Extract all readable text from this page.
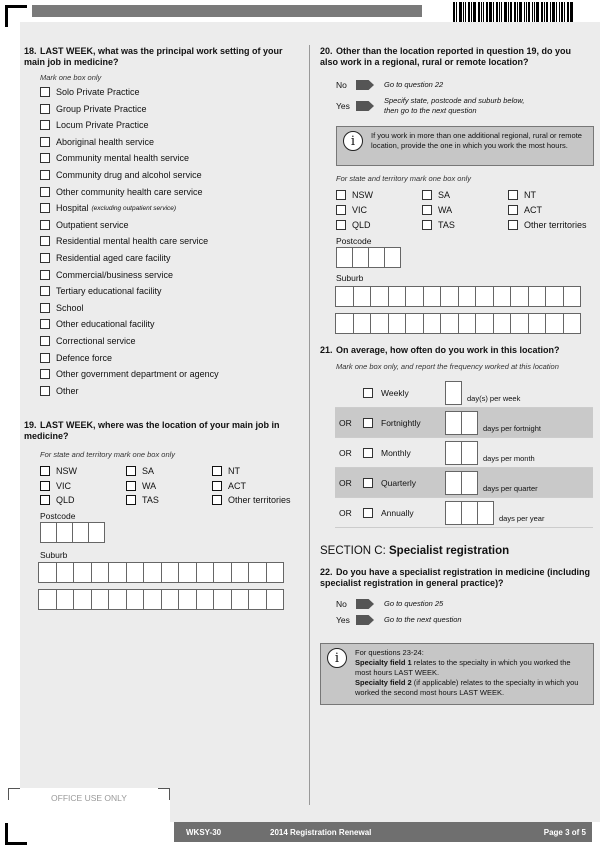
18. LAST WEEK, what was the principal work setting of your main job in medicine?
Mark one box only
Solo Private Practice
Group Private Practice
Locum Private Practice
Aboriginal health service
Community mental health service
Community drug and alcohol service
Other community health care service
Hospital (excluding outpatient service)
Outpatient service
Residential mental health care service
Residential aged care facility
Commercial/business service
Tertiary educational facility
School
Other educational facility
Correctional service
Defence force
Other government department or agency
Other
19. LAST WEEK, where was the location of your main job in medicine?
For state and territory mark one box only
NSW	SA	NT
VIC	WA	ACT
QLD	TAS	Other territories
Postcode
Suburb
20. Other than the location reported in question 19, do you also work in a regional, rural or remote location?
No	Go to question 22
Yes
Specify state, postcode and suburb below,
then go to the next question
i	If you work in more than one additional regional, rural or remote location, provide the one in which you work the most hours.
For state and territory mark one box only
NSW	SA	NT
VIC	WA	ACT
QLD	TAS	Other territories
Postcode
Suburb
21. On average, how often do you work in this location?
Mark one box only, and report the frequency worked at this location
Weekly
day(s) per week
OR	Fortnightly
days per fortnight
OR	Monthly
days per month
OR	Quarterly
days per quarter
OR	Annually
days per year
SECTION C: Specialist registration
22. Do you have a specialist registration in medicine (including specialist registration in general practice)?
No	Go to question 25
Yes	Go to the next question
i	For questions 23-24:
Specialty field 1 relates to the specialty in which you worked the most hours LAST WEEK.
Specialty field 2 (if applicable) relates to the specialty in which you worked the second most hours LAST WEEK.
OFFICE USE ONLY
WKSY-30	2014 Registration Renewal	Page 3 of 5
